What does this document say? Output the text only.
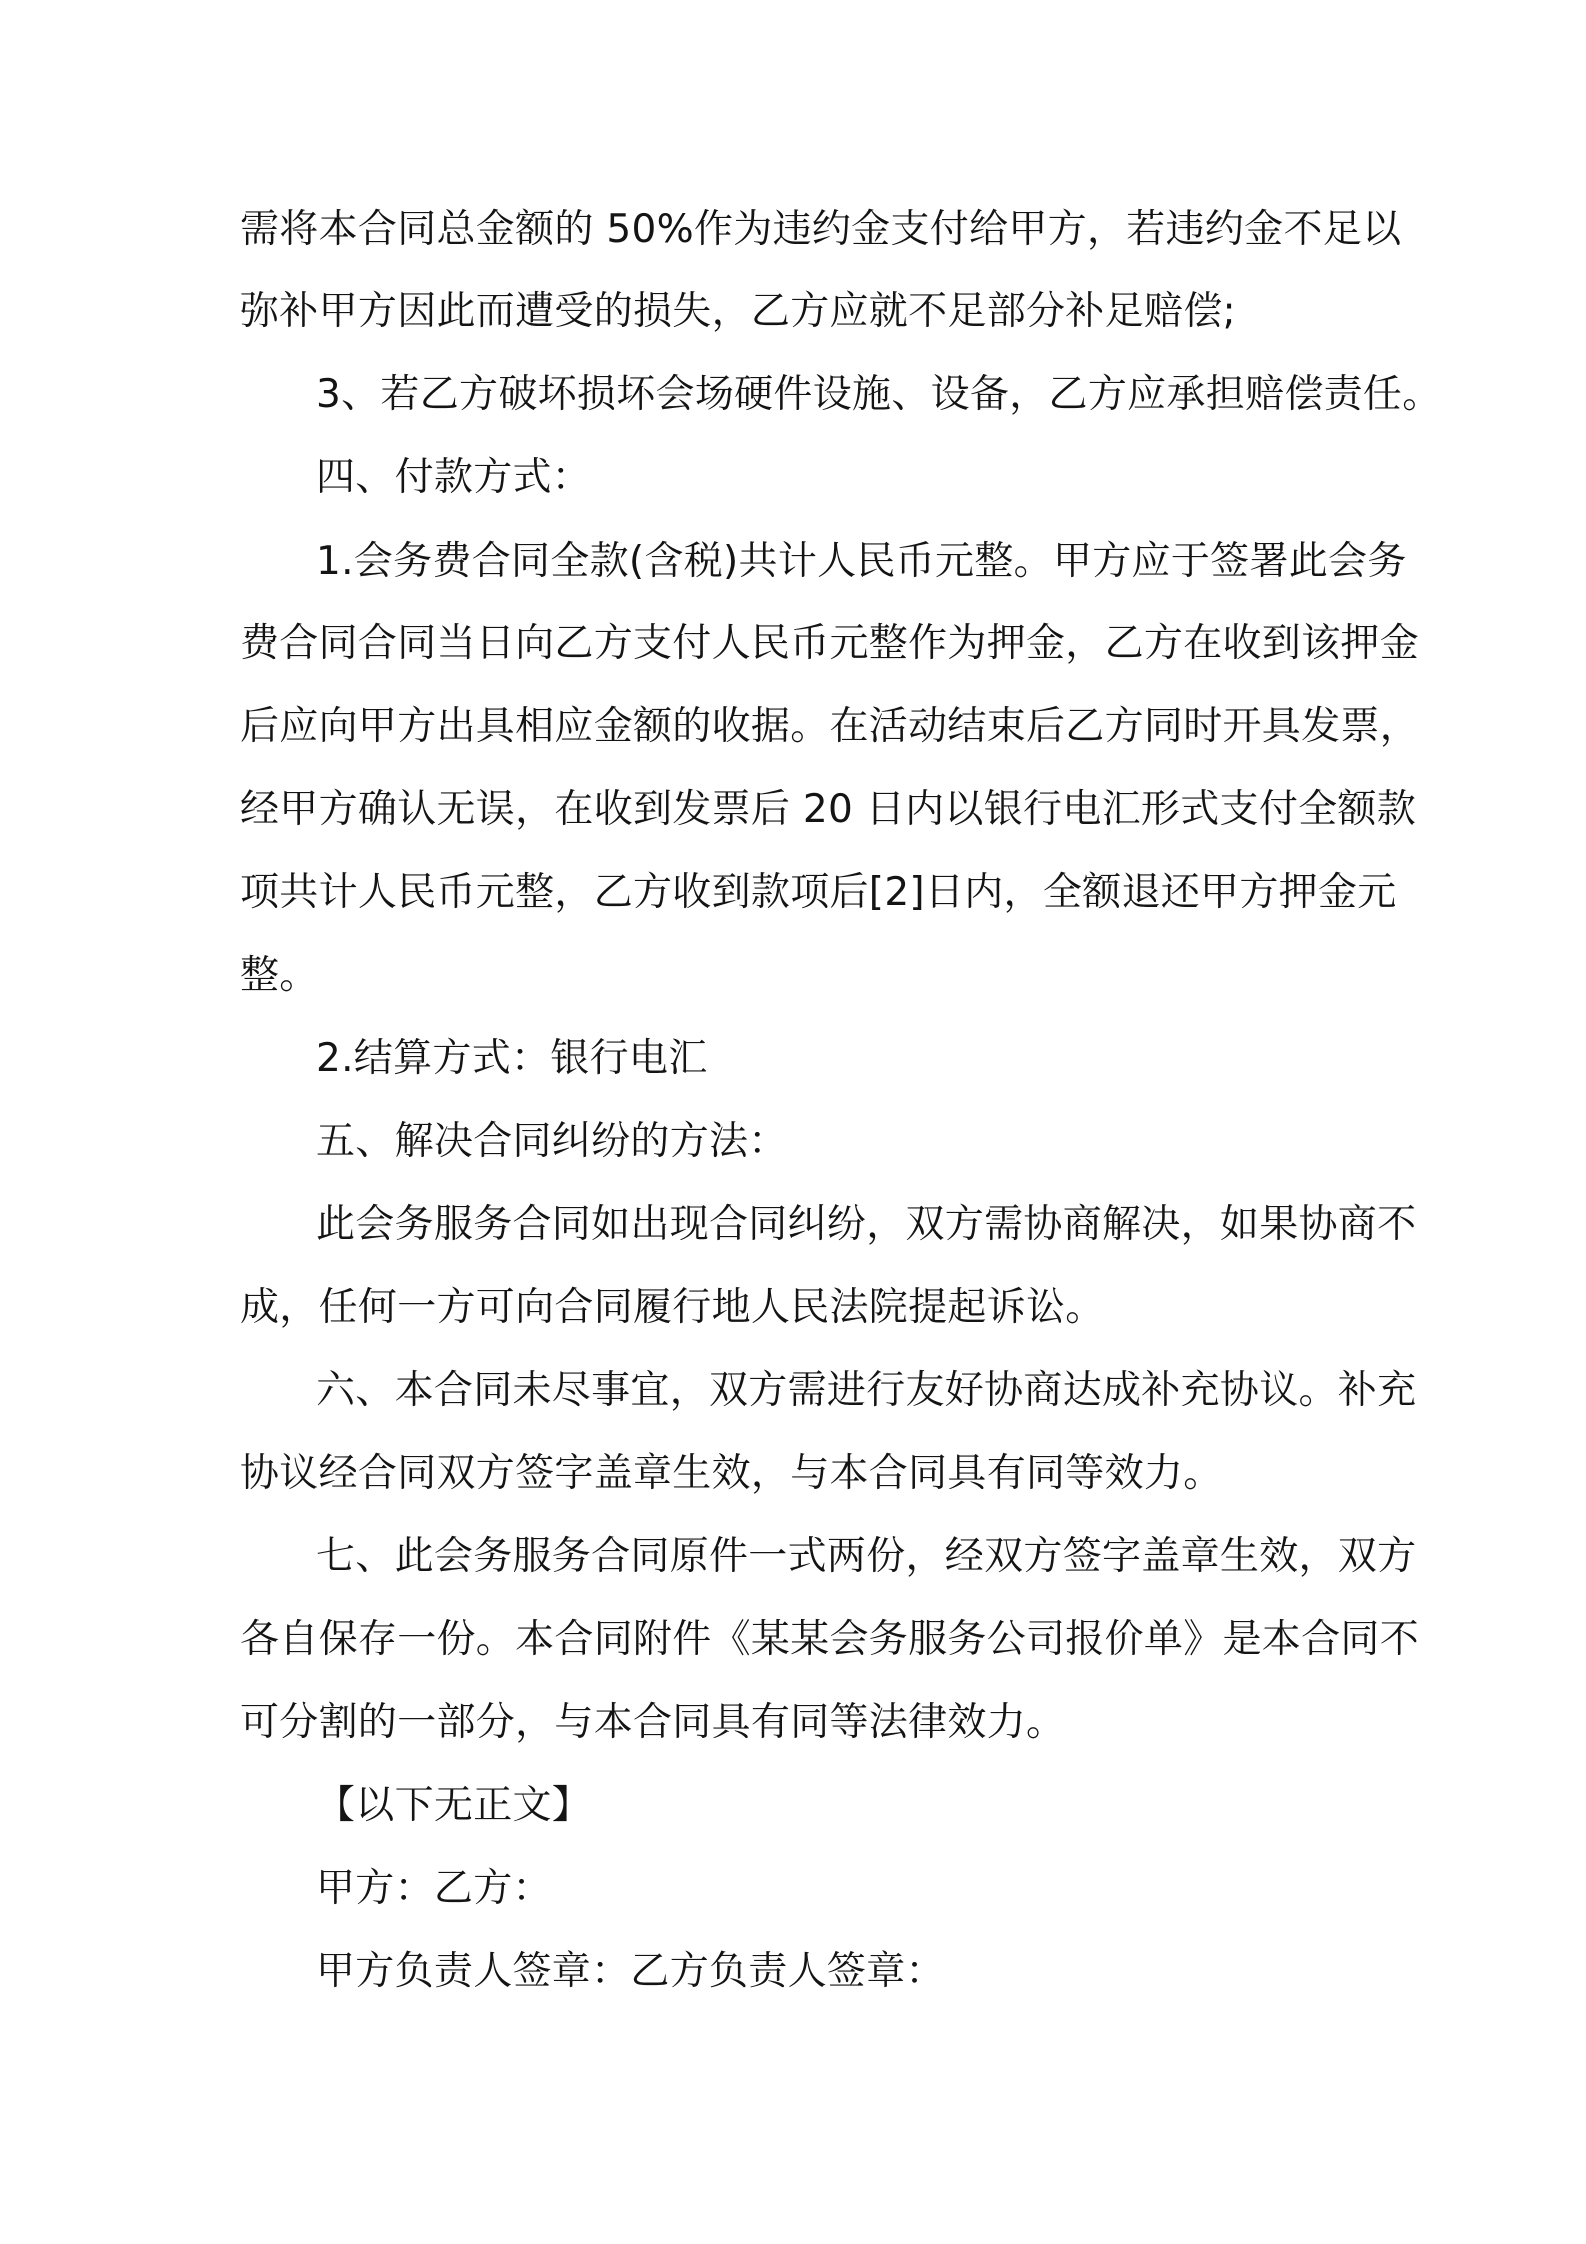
需将本合同总金额的 50%作为违约金支付给甲方，若违约金不足以
弥补甲方因此而遭受的损失，乙方应就不足部分补足赔偿;
3、若乙方破坏损坏会场硬件设施、设备，乙方应承担赔偿责任。
四、付款方式：
1.会务费合同全款(含税)共计人民币元整。甲方应于签署此会务
费合同合同当日向乙方支付人民币元整作为押金，乙方在收到该押金
后应向甲方出具相应金额的收据。在活动结束后乙方同时开具发票，
经甲方确认无误，在收到发票后 20 日内以银行电汇形式支付全额款
项共计人民币元整，乙方收到款项后[2]日内，全额退还甲方押金元
整。
2.结算方式：银行电汇
五、解决合同纠纷的方法：
此会务服务合同如出现合同纠纷，双方需协商解决，如果协商不
成，任何一方可向合同履行地人民法院提起诉讼。
六、本合同未尽事宜，双方需进行友好协商达成补充协议。补充
协议经合同双方签字盖章生效，与本合同具有同等效力。
七、此会务服务合同原件一式两份，经双方签字盖章生效，双方
各自保存一份。本合同附件《某某会务服务公司报价单》是本合同不
可分割的一部分，与本合同具有同等法律效力。
【以下无正文】
甲方：乙方：
甲方负责人签章：乙方负责人签章：
